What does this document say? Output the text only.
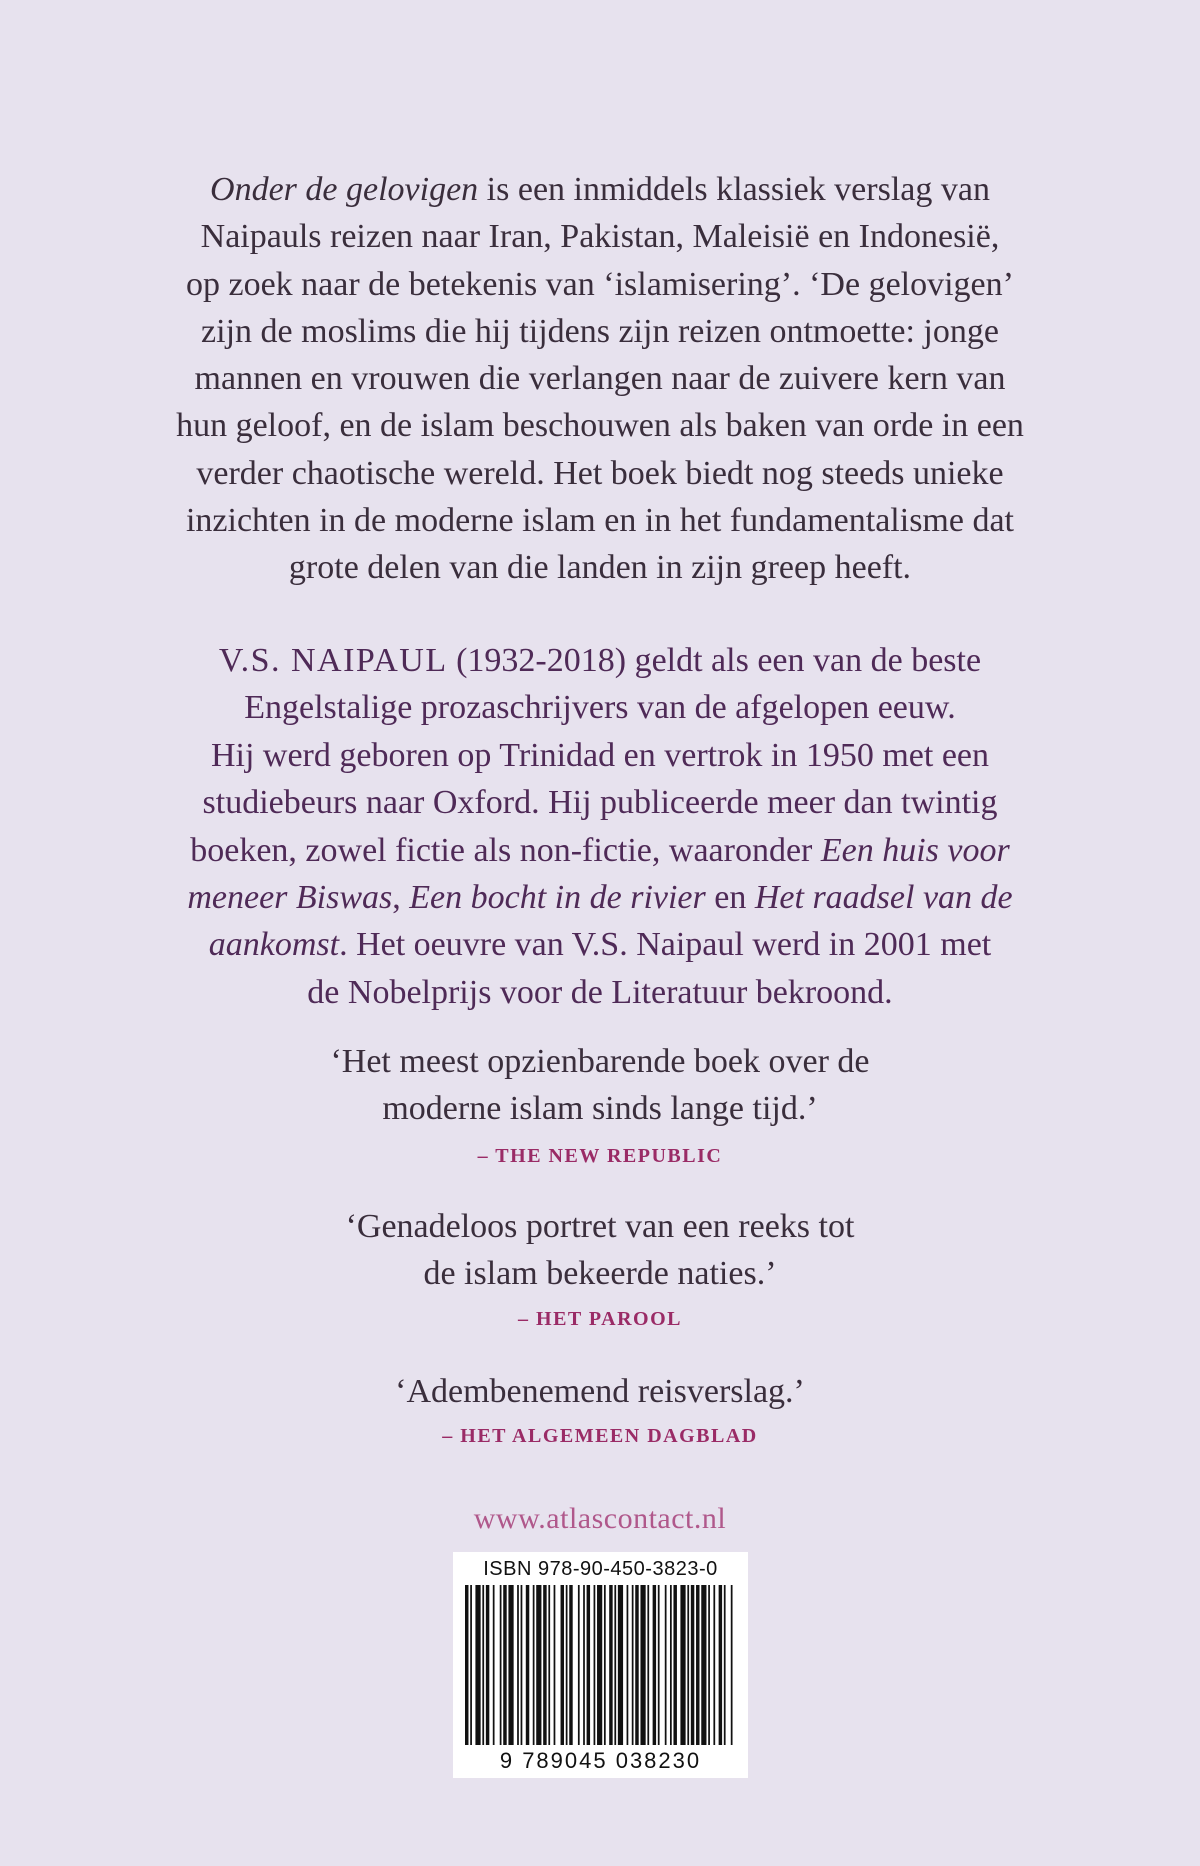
Onder de gelovigen is een inmiddels klassiek verslag van

Naipauls reizen naar Iran, Pakistan, Maleisië en Indonesië,

op zoek naar de betekenis van ‘islamisering’. ‘De gelovigen’

zijn de moslims die hij tijdens zijn reizen ontmoette: jonge

mannen en vrouwen die verlangen naar de zuivere kern van

hun geloof, en de islam beschouwen als baken van orde in een

verder chaotische wereld. Het boek biedt nog steeds unieke

inzichten in de moderne islam en in het fundamentalisme dat

grote delen van die landen in zijn greep heeft.

V.S. NAIPAUL (1932-2018) geldt als een van de beste

Engelstalige prozaschrijvers van de afgelopen eeuw.

Hij werd geboren op Trinidad en vertrok in 1950 met een

studiebeurs naar Oxford. Hij publiceerde meer dan twintig

boeken, zowel fictie als non-fictie, waaronder Een huis voor

meneer Biswas, Een bocht in de rivier en Het raadsel van de

aankomst. Het oeuvre van V.S. Naipaul werd in 2001 met

de Nobelprijs voor de Literatuur bekroond.

‘Het meest opzienbarende boek over de

moderne islam sinds lange tijd.’

– THE NEW REPUBLIC

‘Genadeloos portret van een reeks tot

de islam bekeerde naties.’

– HET PAROOL

‘Adembenemend reisverslag.’

– HET ALGEMEEN DAGBLAD
www.atlascontact.nl
ISBN 978-90-450-3823-0
9 789045 038230
